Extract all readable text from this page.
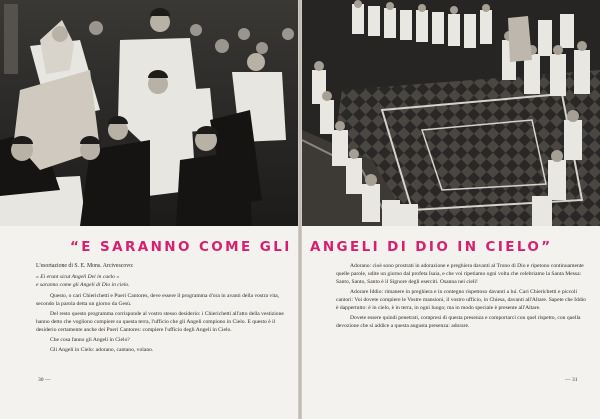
“E SARANNO COME GLI

L'esortazione di S. E. Mons. Arcivescovo:

« Ei erunt sicut Angeli Dei in caelo »

e saranno come gli Angeli di Dio in cielo.

Questo, o cari Chierichetti e Pueri Cantores, deve essere il programma d'ora in avanti della vostra vita, secondo la parola detta un giorno da Gesù.

Del resto questo programma corrisponde al vostro stesso desiderio: i Chierichetti all'atto della vestizione hanno detto che vogliono compiere su questa terra, l'ufficio che gli Angeli compiono in Cielo. E questo è il desiderio certamente anche dei Pueri Cantores: compiere l'ufficio degli Angeli in Cielo.

Che cosa fanno gli Angeli in Cielo?

Gli Angeli in Cielo: adorano, cantano, volano.

30 —
ANGELI DI DIO IN CIELO”

Adorano: cioè sono prostrati in adorazione e preghiera davanti al Trono di Dio e ripetono continuamente quelle parole, udite un giorno dal profeta Isaia, e che voi ripetiamo ogni volta che celebriamo la Santa Messa: Santo, Santo, Santo è il Signore degli eserciti. Osanna nei cieli!

Adorare Iddio: rimanere in preghiera e in contegno rispettoso davanti a lui. Cari Chierichetti e piccoli cantori: Voi dovete compiere le Vostre mansioni, il vostro ufficio, in Chiesa, davanti all'Altare. Sapete che Iddio è dappertutto: è in cielo, è in terra, in ogni luogo; ma in modo speciale è presente all'Altare.

Dovete essere quindi penetrati, compresi di questa presenza e comportarci con quel rispetto, con quella devozione che si addice a questa augusta presenza: adorare.

— 31
